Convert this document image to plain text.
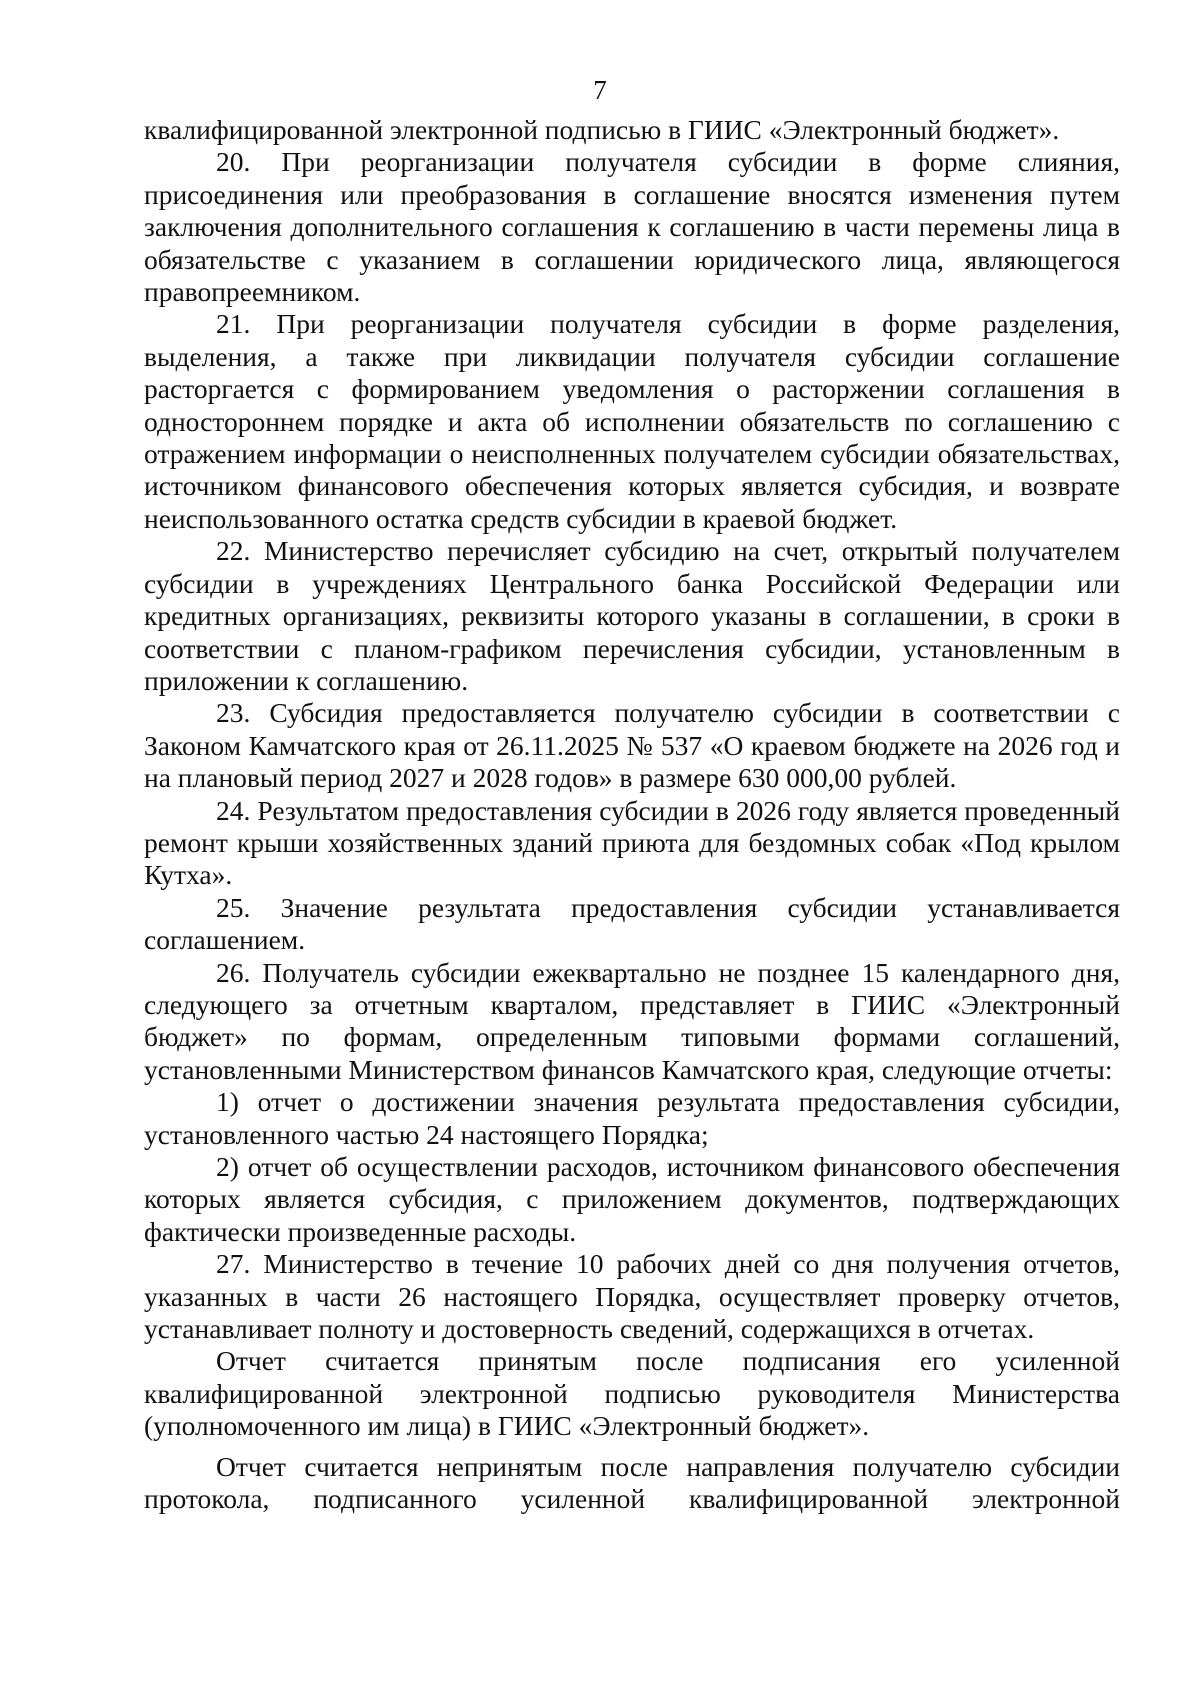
7

квалифицированной электронной подписью в ГИИС «Электронный бюджет».

20. При реорганизации получателя субсидии в форме слияния, присоединения или преобразования в соглашение вносятся изменения путем заключения дополнительного соглашения к соглашению в части перемены лица в обязательстве с указанием в соглашении юридического лица, являющегося правопреемником.

21. При реорганизации получателя субсидии в форме разделения, выделения, а также при ликвидации получателя субсидии соглашение расторгается с формированием уведомления о расторжении соглашения в одностороннем порядке и акта об исполнении обязательств по соглашению с отражением информации о неисполненных получателем субсидии обязательствах, источником финансового обеспечения которых является субсидия, и возврате неиспользованного остатка средств субсидии в краевой бюджет.

22. Министерство перечисляет субсидию на счет, открытый получателем субсидии в учреждениях Центрального банка Российской Федерации или кредитных организациях, реквизиты которого указаны в соглашении, в сроки в соответствии с планом-графиком перечисления субсидии, установленным в приложении к соглашению.

23. Субсидия предоставляется получателю субсидии в соответствии с Законом Камчатского края от 26.11.2025 № 537 «О краевом бюджете на 2026 год и на плановый период 2027 и 2028 годов» в размере 630 000,00 рублей.

24. Результатом предоставления субсидии в 2026 году является проведенный ремонт крыши хозяйственных зданий приюта для бездомных собак «Под крылом Кутха».

25. Значение результата предоставления субсидии устанавливается соглашением.

26. Получатель субсидии ежеквартально не позднее 15 календарного дня, следующего за отчетным кварталом, представляет в ГИИС «Электронный бюджет» по формам, определенным типовыми формами соглашений, установленными Министерством финансов Камчатского края, следующие отчеты:

1) отчет о достижении значения результата предоставления субсидии, установленного частью 24 настоящего Порядка;

2) отчет об осуществлении расходов, источником финансового обеспечения которых является субсидия, с приложением документов, подтверждающих фактически произведенные расходы.

27. Министерство в течение 10 рабочих дней со дня получения отчетов, указанных в части 26 настоящего Порядка, осуществляет проверку отчетов, устанавливает полноту и достоверность сведений, содержащихся в отчетах.

Отчет считается принятым после подписания его усиленной квалифицированной электронной подписью руководителя Министерства (уполномоченного им лица) в ГИИС «Электронный бюджет».

Отчет считается непринятым после направления получателю субсидии протокола, подписанного усиленной квалифицированной электронной
